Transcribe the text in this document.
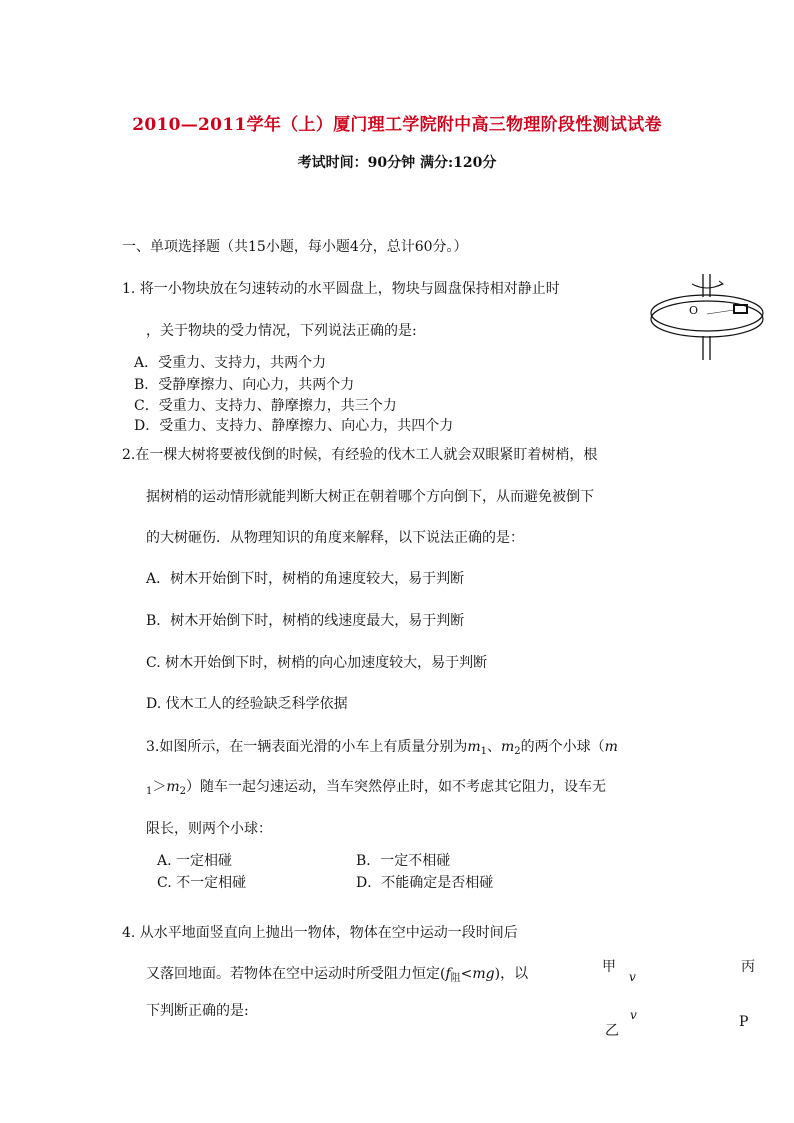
2010—2011学年（上）厦门理工学院附中高三物理阶段性测试试卷
考试时间：90分钟 满分:120分
一、单项选择题（共15小题，每小题4分，总计60分。）
1. 将一小物块放在匀速转动的水平圆盘上，物块与圆盘保持相对静止时
，关于物块的受力情况，下列说法正确的是:
A．受重力、支持力，共两个力
B．受静摩擦力、向心力，共两个力
C．受重力、支持力、静摩擦力，共三个力
D．受重力、支持力、静摩擦力、向心力，共四个力
O
2.在一棵大树将要被伐倒的时候，有经验的伐木工人就会双眼紧盯着树梢，根
据树梢的运动情形就能判断大树正在朝着哪个方向倒下，从而避免被倒下
的大树砸伤．从物理知识的角度来解释，以下说法正确的是：
A．树木开始倒下时，树梢的角速度较大，易于判断
B．树木开始倒下时，树梢的线速度最大，易于判断
C. 树木开始倒下时，树梢的向心加速度较大，易于判断
D. 伐木工人的经验缺乏科学依据
3.如图所示，在一辆表面光滑的小车上有质量分别为$m_1$、$m_2$的两个小球（m
$_1>m_2$）随车一起匀速运动，当车突然停止时，如不考虑其它阻力，设车无
限长，则两个小球：
A. 一定相碰	B．一定不相碰
C. 不一定相碰	D．不能确定是否相碰
4. 从水平地面竖直向上抛出一物体，物体在空中运动一段时间后
又落回地面。若物体在空中运动时所受阻力恒定$(f_阻<mg)$，以
下判断正确的是:
甲
v
丙
v
乙
P
